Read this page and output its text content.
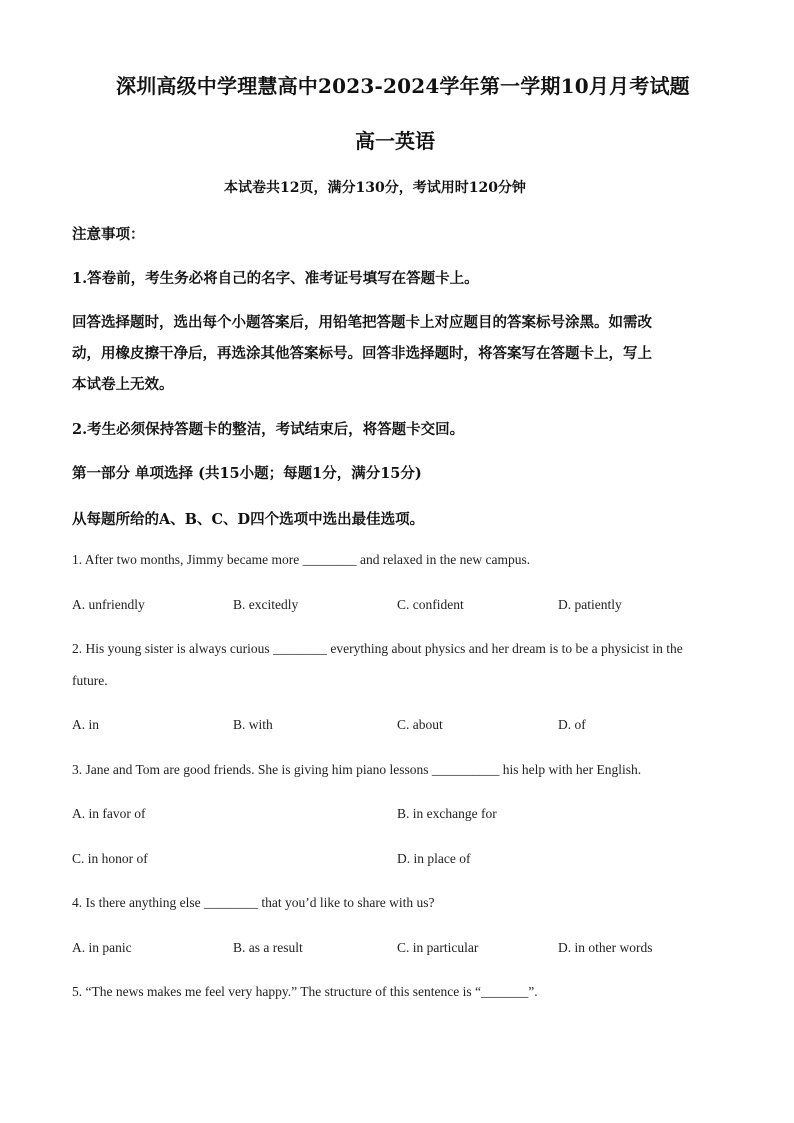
深圳高级中学理慧高中2023-2024学年第一学期10月月考试题
高一英语
本试卷共12页，满分130分，考试用时120分钟
注意事项：
1.答卷前，考生务必将自己的名字、准考证号填写在答题卡上。
回答选择题时，选出每个小题答案后，用铅笔把答题卡上对应题目的答案标号涂黑。如需改
动，用橡皮擦干净后，再选涂其他答案标号。回答非选择题时，将答案写在答题卡上，写上
本试卷上无效。
2.考生必须保持答题卡的整洁，考试结束后，将答题卡交回。
第一部分 单项选择 (共15小题；每题1分，满分15分)
从每题所给的A、B、C、D四个选项中选出最佳选项。
1. After two months, Jimmy became more ________ and relaxed in the new campus.
A. unfriendly	B. excitedly	C. confident	D. patiently
2. His young sister is always curious ________ everything about physics and her dream is to be a physicist in the
future.
A. in	B. with	C. about	D. of
3. Jane and Tom are good friends. She is giving him piano lessons __________ his help with her English.
A. in favor of	B. in exchange for
C. in honor of	D. in place of
4. Is there anything else ________ that you’d like to share with us?
A. in panic	B. as a result	C. in particular	D. in other words
5. “The news makes me feel very happy.” The structure of this sentence is “_______”.
